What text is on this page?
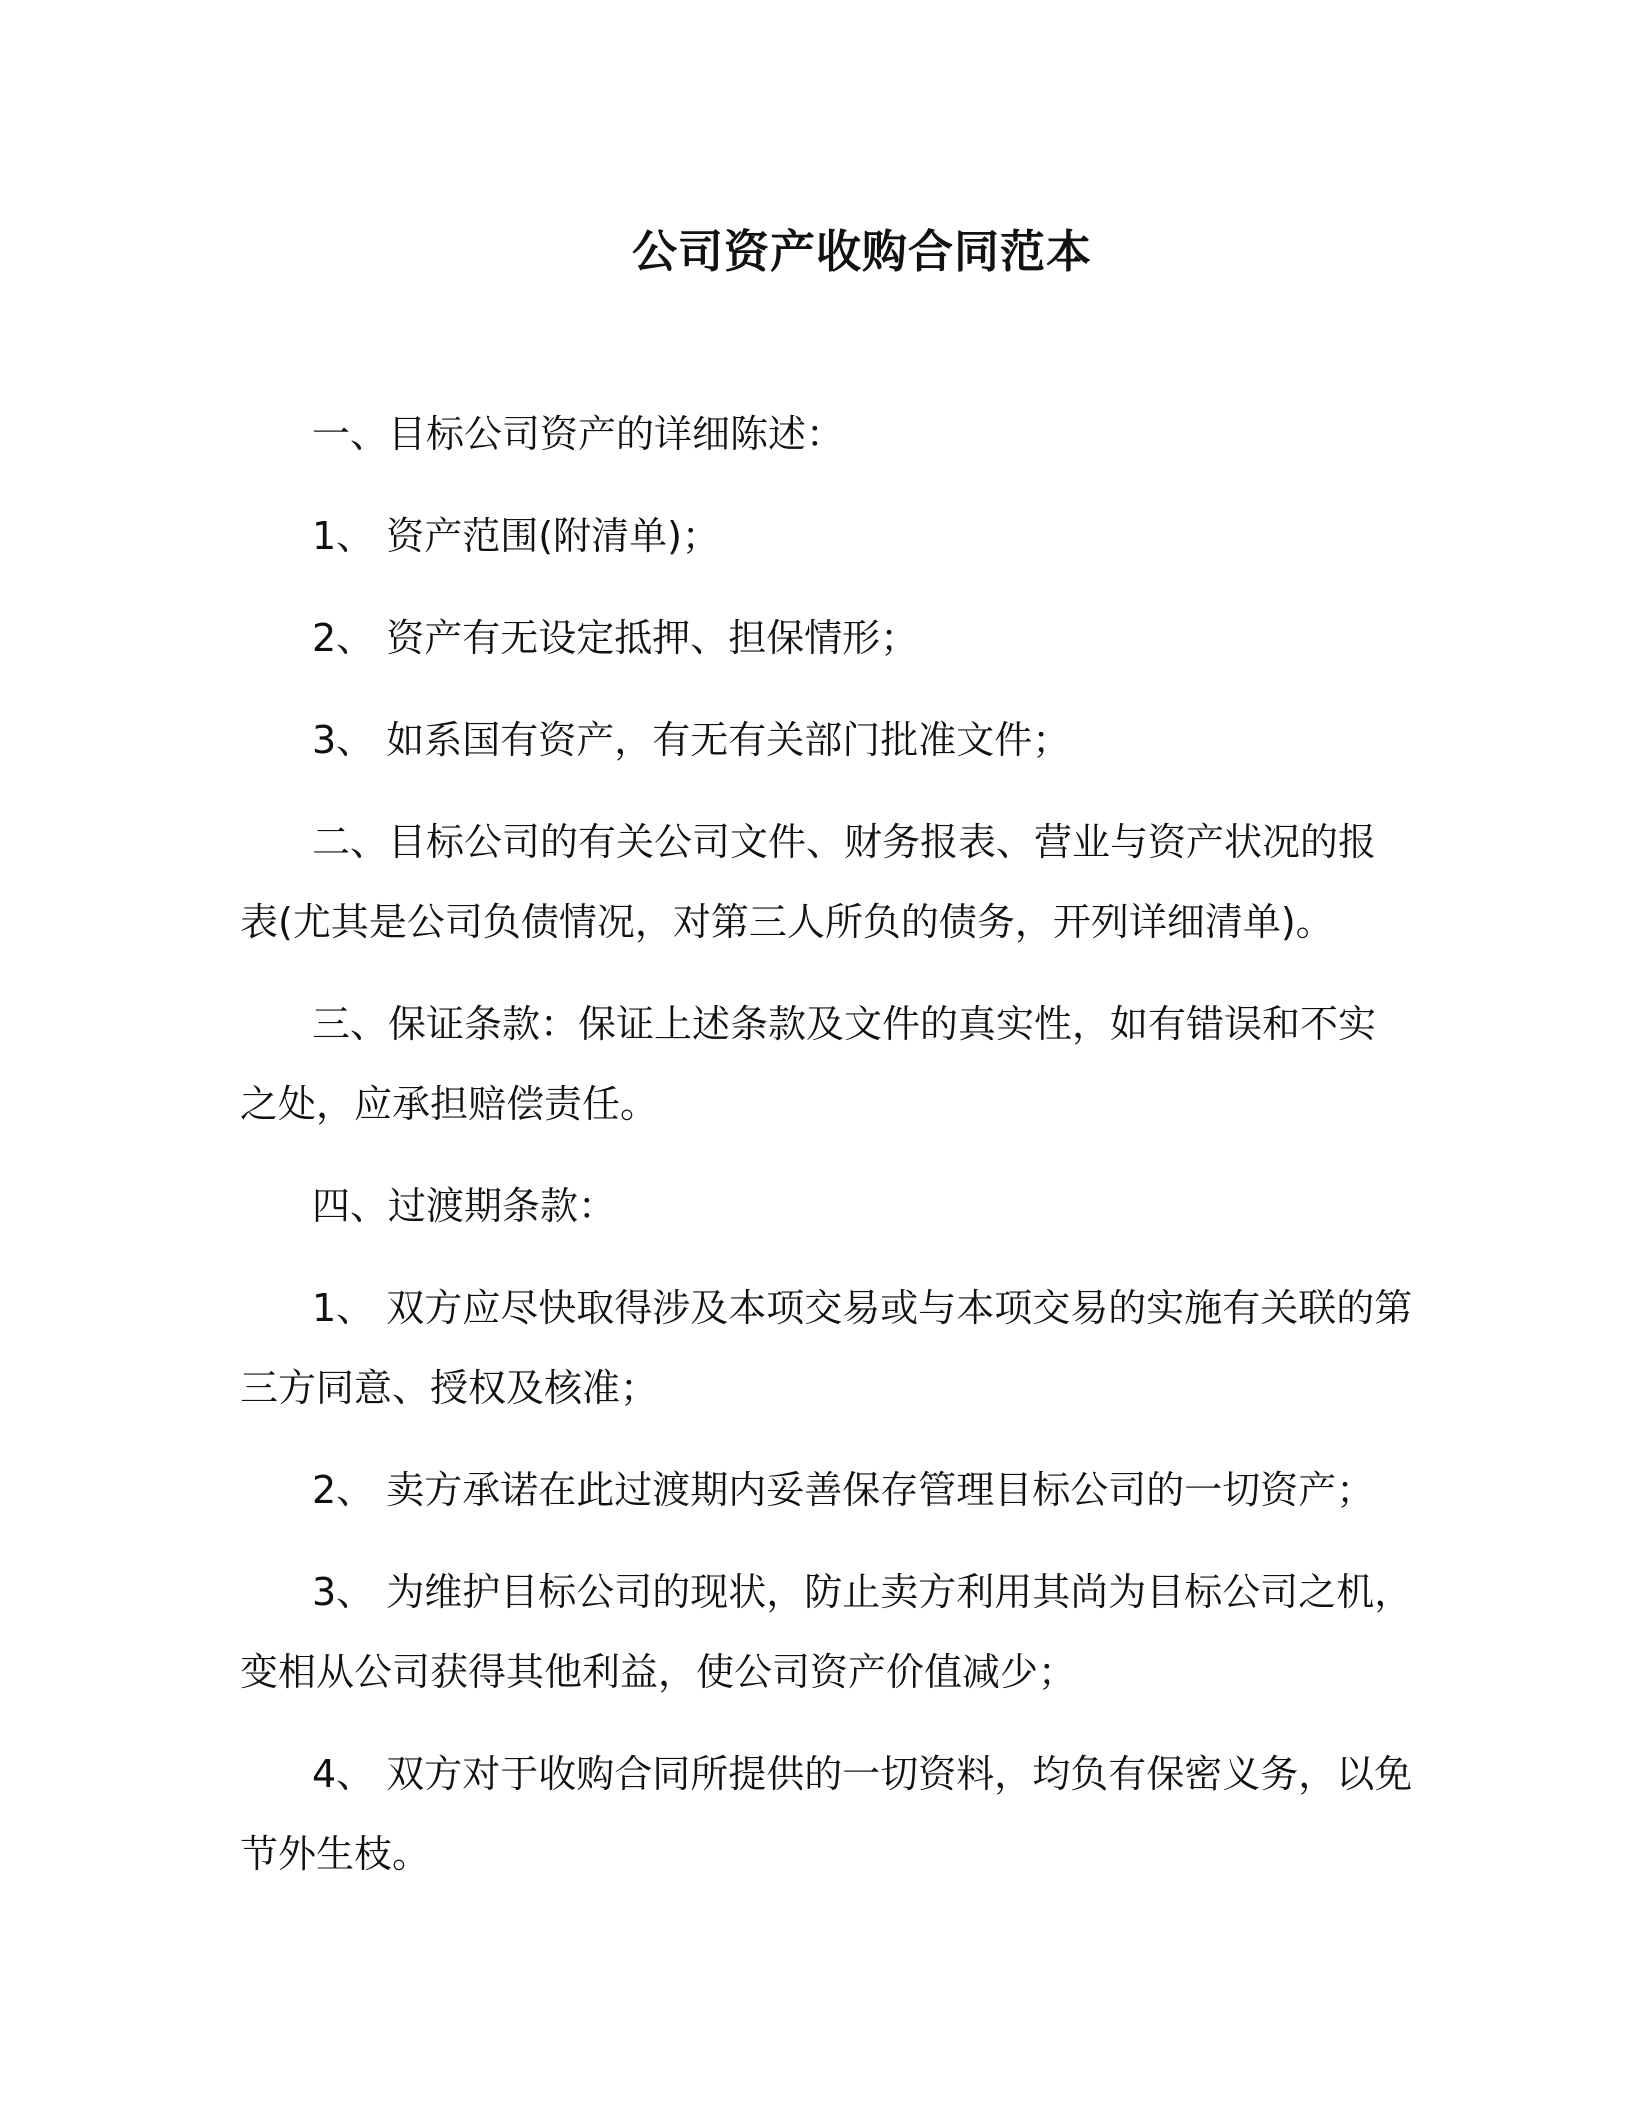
公司资产收购合同范本
一、目标公司资产的详细陈述：
1、 资产范围(附清单)；
2、 资产有无设定抵押、担保情形；
3、 如系国有资产，有无有关部门批准文件；
二、目标公司的有关公司文件、财务报表、营业与资产状况的报
表(尤其是公司负债情况，对第三人所负的债务，开列详细清单)。
三、保证条款：保证上述条款及文件的真实性，如有错误和不实
之处，应承担赔偿责任。
四、过渡期条款：
1、 双方应尽快取得涉及本项交易或与本项交易的实施有关联的第
三方同意、授权及核准；
2、 卖方承诺在此过渡期内妥善保存管理目标公司的一切资产；
3、 为维护目标公司的现状，防止卖方利用其尚为目标公司之机，
变相从公司获得其他利益，使公司资产价值减少；
4、 双方对于收购合同所提供的一切资料，均负有保密义务，以免
节外生枝。
